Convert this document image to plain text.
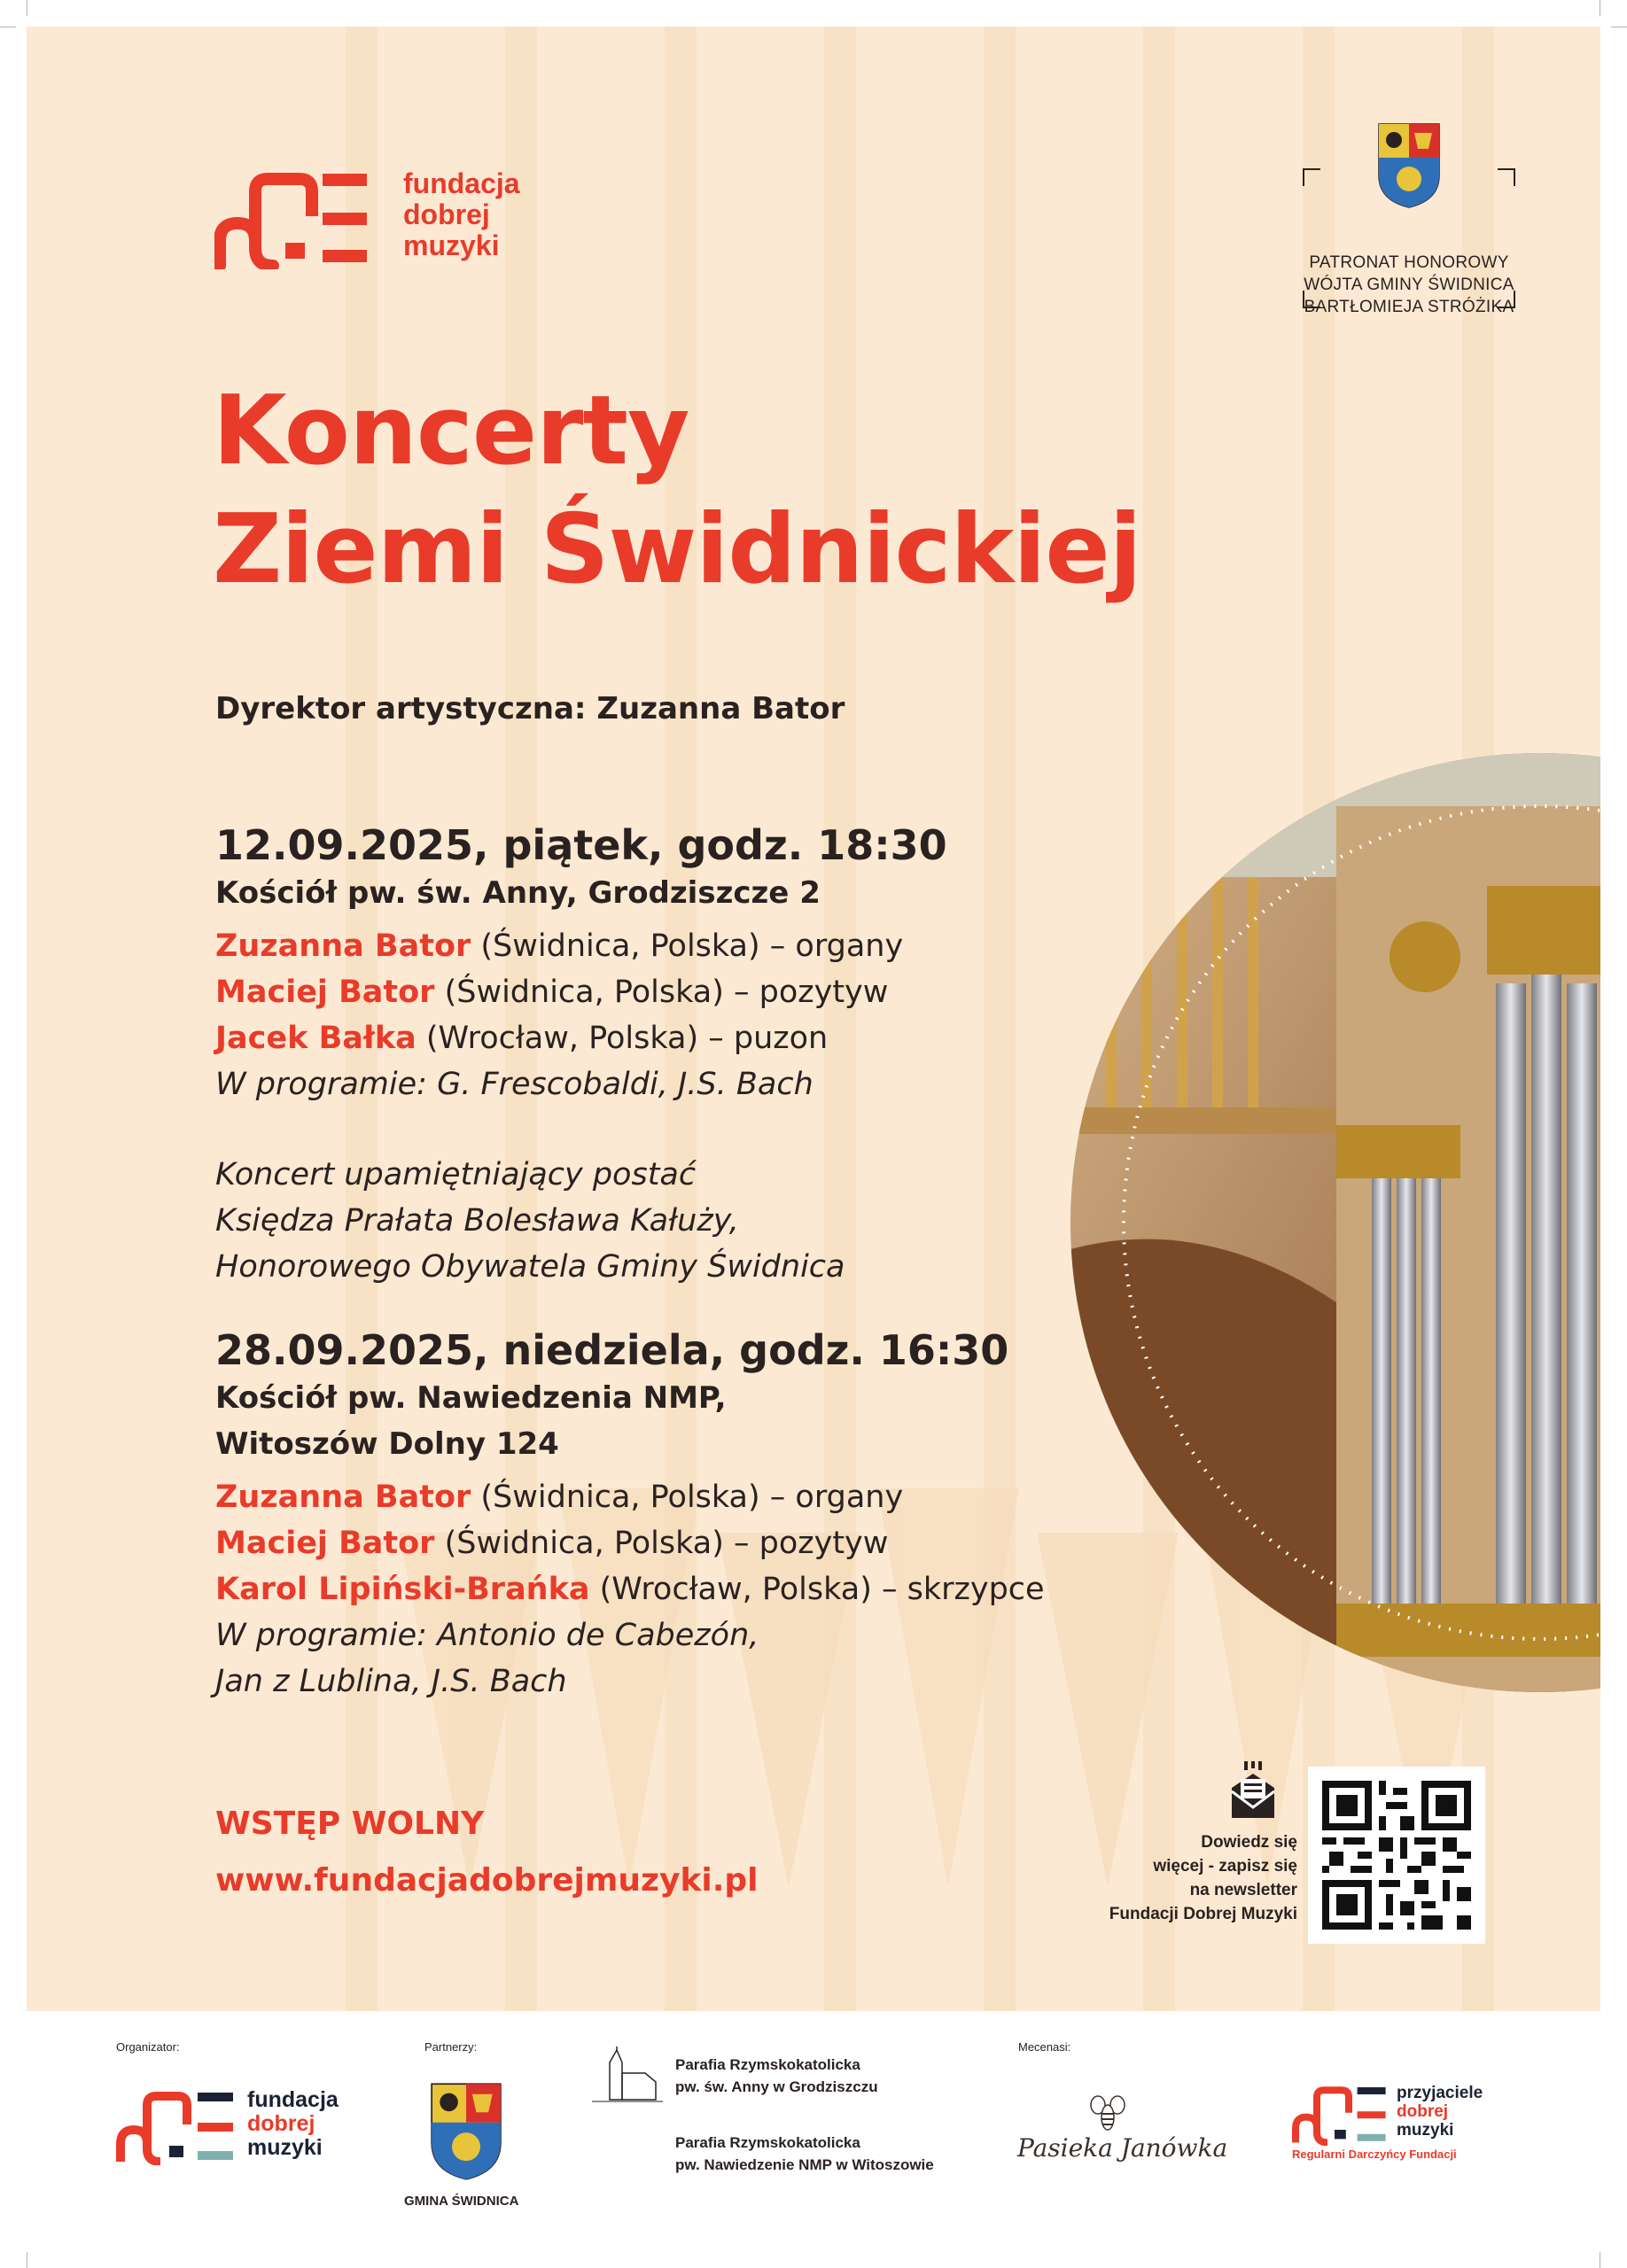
fundacja
dobrej
muzyki
PATRONAT HONOROWY
WÓJTA GMINY ŚWIDNICA
BARTŁOMIEJA STRÓŻIKA
Koncerty
Ziemi Świdnickiej
Dyrektor artystyczna: Zuzanna Bator
12.09.2025, piątek, godz. 18:30
Kościół pw. św. Anny, Grodziszcze 2
Zuzanna Bator (Świdnica, Polska) – organy
Maciej Bator (Świdnica, Polska) – pozytyw
Jacek Bałka (Wrocław, Polska) – puzon
W programie: G. Frescobaldi, J.S. Bach
Koncert upamiętniający postać
Księdza Prałata Bolesława Kałuży,
Honorowego Obywatela Gminy Świdnica
28.09.2025, niedziela, godz. 16:30
Kościół pw. Nawiedzenia NMP,
Witoszów Dolny 124
Zuzanna Bator (Świdnica, Polska) – organy
Maciej Bator (Świdnica, Polska) – pozytyw
Karol Lipiński-Brańka (Wrocław, Polska) – skrzypce
W programie: Antonio de Cabezón,
Jan z Lublina, J.S. Bach
WSTĘP WOLNY
www.fundacjadobrejmuzyki.pl
Dowiedz się
więcej - zapisz się
na newsletter
Fundacji Dobrej Muzyki
Organizator:	Partnerzy:	Mecenasi:
fundacja
dobrej
muzyki
GMINA ŚWIDNICA
Parafia Rzymskokatolicka
pw. św. Anny w Grodziszczu
Parafia Rzymskokatolicka
pw. Nawiedzenie NMP w Witoszowie
Pasieka Janówka
przyjaciele
dobrej
muzyki
Regularni Darczyńcy Fundacji
